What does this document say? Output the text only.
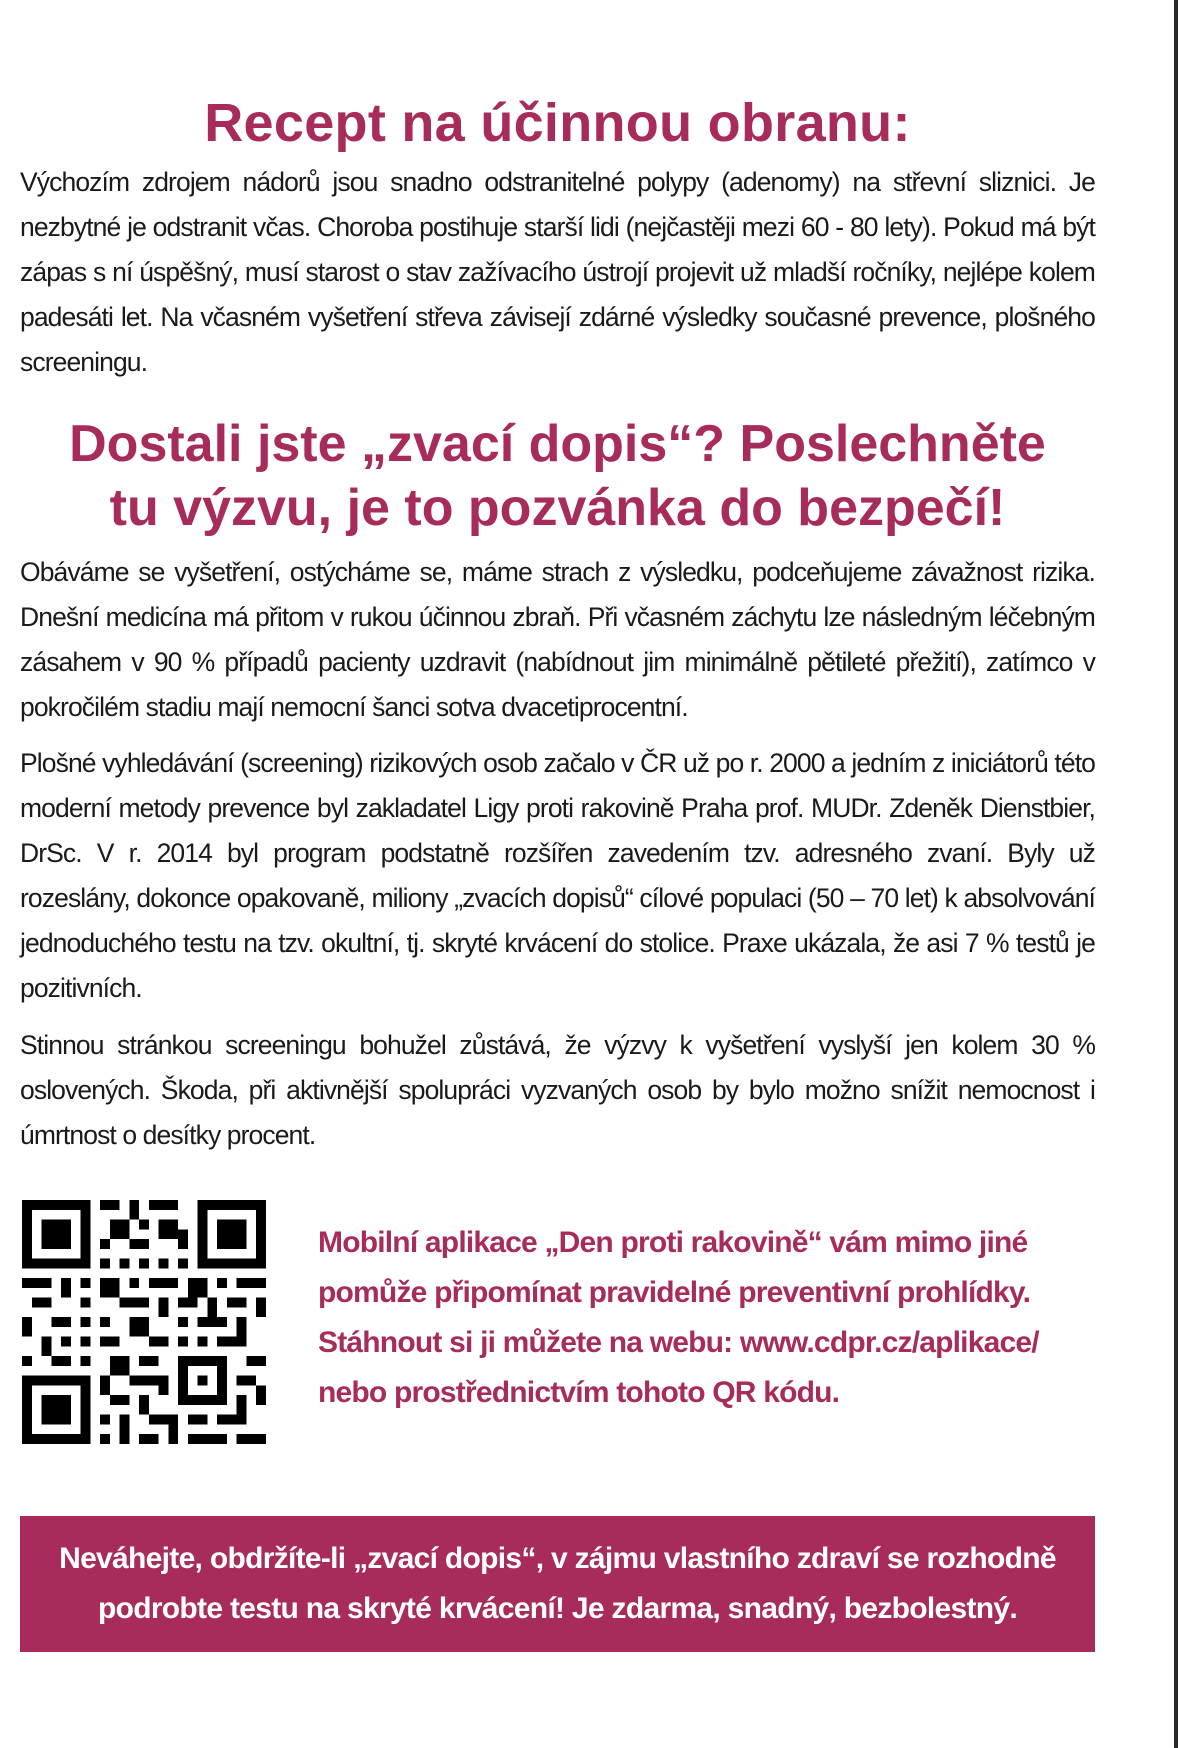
Recept na účinnou obranu:

Výchozím zdrojem nádorů jsou snadno odstranitelné polypy (adenomy) na střevní sliznici. Je nezbytné je odstranit včas. Choroba postihuje starší lidi (nejčastěji mezi 60 - 80 lety). Pokud má být zápas s ní úspěšný, musí starost o stav zažívacího ústrojí projevit už mladší ročníky, nejlépe kolem padesáti let. Na včasném vyšetření střeva závisejí zdárné výsledky současné prevence, plošného screeningu.

Dostali jste „zvací dopis“? Poslechněte
tu výzvu, je to pozvánka do bezpečí!

Obáváme se vyšetření, ostýcháme se, máme strach z výsledku, podceňujeme závažnost rizika. Dnešní medicína má přitom v rukou účinnou zbraň. Při včasném záchytu lze následným léčebným zásahem v 90 % případů pacienty uzdravit (nabídnout jim minimálně pětileté přežití), zatímco v pokročilém stadiu mají nemocní šanci sotva dvacetiprocentní.

Plošné vyhledávání (screening) rizikových osob začalo v ČR už po r. 2000 a jedním z iniciátorů této moderní metody prevence byl zakladatel Ligy proti rakovině Praha prof. MUDr. Zdeněk Dienstbier, DrSc. V r. 2014 byl program podstatně rozšířen zavedením tzv. adresného zvaní. Byly už rozeslány, dokonce opakovaně, miliony „zvacích dopisů“ cílové populaci (50 – 70 let) k absolvování jednoduchého testu na tzv. okultní, tj. skryté krvácení do stolice. Praxe ukázala, že asi 7 % testů je pozitivních.

Stinnou stránkou screeningu bohužel zůstává, že výzvy k vyšetření vyslyší jen kolem 30 % oslovených. Škoda, při aktivnější spolupráci vyzvaných osob by bylo možno snížit nemocnost i úmrtnost o desítky procent.

Mobilní aplikace „Den proti rakovině“ vám mimo jiné pomůže připomínat pravidelné preventivní prohlídky. Stáhnout si ji můžete na webu: www.cdpr.cz/aplikace/ nebo prostřednictvím tohoto QR kódu.

Neváhejte, obdržíte-li „zvací dopis“, v zájmu vlastního zdraví se rozhodně podrobte testu na skryté krvácení! Je zdarma, snadný, bezbolestný.
